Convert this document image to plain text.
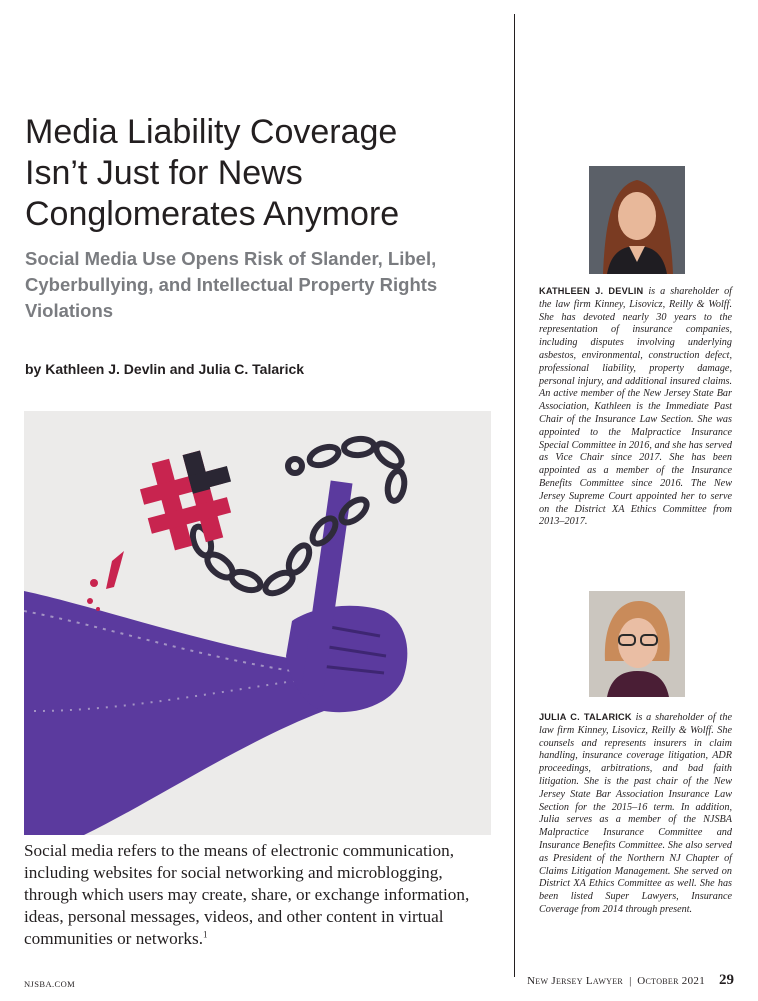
Media Liability Coverage
Isn’t Just for News
Conglomerates Anymore
Social Media Use Opens Risk of Slander, Libel,
Cyberbullying, and Intellectual Property Rights
Violations
by Kathleen J. Devlin and Julia C. Talarick

Social media refers to the means of electronic communication, including websites for social networking and microblogging, through which users may create, share, or exchange information, ideas, personal messages, videos, and other content in virtual communities or networks.$^1$

KATHLEEN J. DEVLIN is a shareholder of the law firm Kinney, Lisovicz, Reilly & Wolff. She has devoted nearly 30 years to the representation of insurance companies, including disputes involving underlying asbestos, environmental, construction defect, professional liability, property damage, personal injury, and additional insured claims. An active member of the New Jersey State Bar Association, Kathleen is the Immediate Past Chair of the Insurance Law Section. She was appointed to the Malpractice Insurance Special Committee in 2016, and she has served as Vice Chair since 2017. She has been appointed as a member of the Insurance Benefits Committee since 2016. The New Jersey Supreme Court appointed her to serve on the District XA Ethics Committee from 2013–2017.

JULIA C. TALARICK is a shareholder of the law firm Kinney, Lisovicz, Reilly & Wolff. She counsels and represents insurers in claim handling, insurance coverage litigation, ADR proceedings, arbitrations, and bad faith litigation. She is the past chair of the New Jersey State Bar Association Insurance Law Section for the 2015–16 term. In addition, Julia serves as a member of the NJSBA Malpractice Insurance Committee and Insurance Benefits Committee. She also served as President of the Northern NJ Chapter of Claims Litigation Management. She served on District XA Ethics Committee as well. She has been listed Super Lawyers, Insurance Coverage from 2014 through present.

NJSBA.COM	New Jersey Lawyer | October 2021 29
